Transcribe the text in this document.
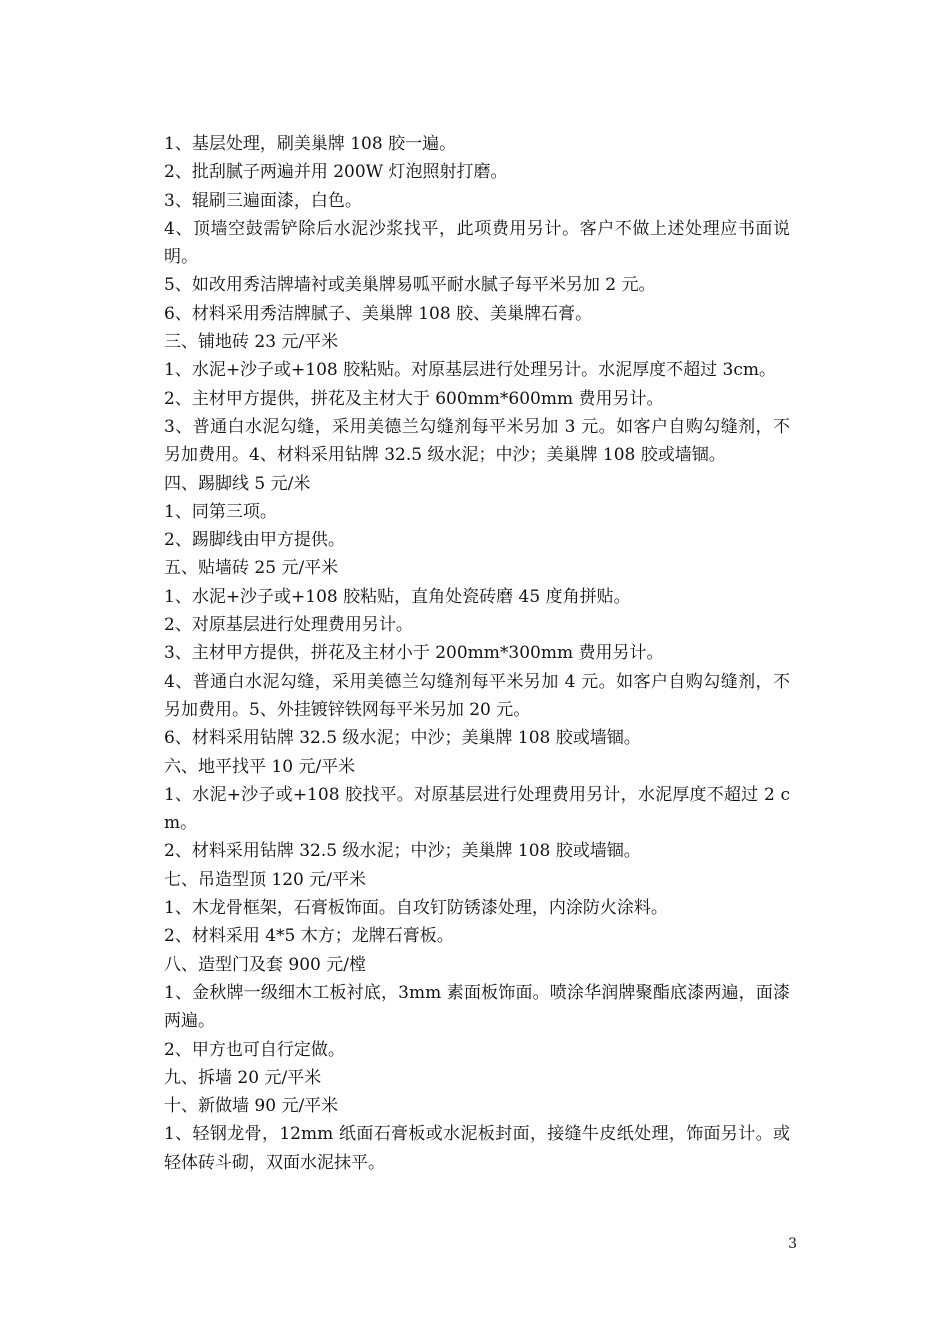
1、基层处理，刷美巢牌 108 胶一遍。

2、批刮腻子两遍并用 200W 灯泡照射打磨。

3、辊刷三遍面漆，白色。

4、顶墙空鼓需铲除后水泥沙浆找平，此项费用另计。客户不做上述处理应书面说明。

5、如改用秀洁牌墙衬或美巢牌易呱平耐水腻子每平米另加 2 元。

6、材料采用秀洁牌腻子、美巢牌 108 胶、美巢牌石膏。

三、铺地砖 23 元/平米

1、水泥+沙子或+108 胶粘贴。对原基层进行处理另计。水泥厚度不超过 3cm。

2、主材甲方提供，拼花及主材大于 600mm*600mm 费用另计。

3、普通白水泥勾缝，采用美德兰勾缝剂每平米另加 3 元。如客户自购勾缝剂，不另加费用。4、材料采用钻牌 32.5 级水泥；中沙；美巢牌 108 胶或墙锢。

四、踢脚线 5 元/米

1、同第三项。

2、踢脚线由甲方提供。

五、贴墙砖 25 元/平米

1、水泥+沙子或+108 胶粘贴，直角处瓷砖磨 45 度角拼贴。

2、对原基层进行处理费用另计。

3、主材甲方提供，拼花及主材小于 200mm*300mm 费用另计。

4、普通白水泥勾缝，采用美德兰勾缝剂每平米另加 4 元。如客户自购勾缝剂，不另加费用。5、外挂镀锌铁网每平米另加 20 元。

6、材料采用钻牌 32.5 级水泥；中沙；美巢牌 108 胶或墙锢。

六、地平找平 10 元/平米

1、水泥+沙子或+108 胶找平。对原基层进行处理费用另计，水泥厚度不超过 2 cm。

2、材料采用钻牌 32.5 级水泥；中沙；美巢牌 108 胶或墙锢。

七、吊造型顶 120 元/平米

1、木龙骨框架，石膏板饰面。自攻钉防锈漆处理，内涂防火涂料。

2、材料采用 4*5 木方；龙牌石膏板。

八、造型门及套 900 元/樘

1、金秋牌一级细木工板衬底，3mm 素面板饰面。喷涂华润牌聚酯底漆两遍，面漆两遍。

2、甲方也可自行定做。

九、拆墙 20 元/平米

十、新做墙 90 元/平米

1、轻钢龙骨，12mm 纸面石膏板或水泥板封面，接缝牛皮纸处理，饰面另计。或轻体砖斗砌，双面水泥抹平。

3
